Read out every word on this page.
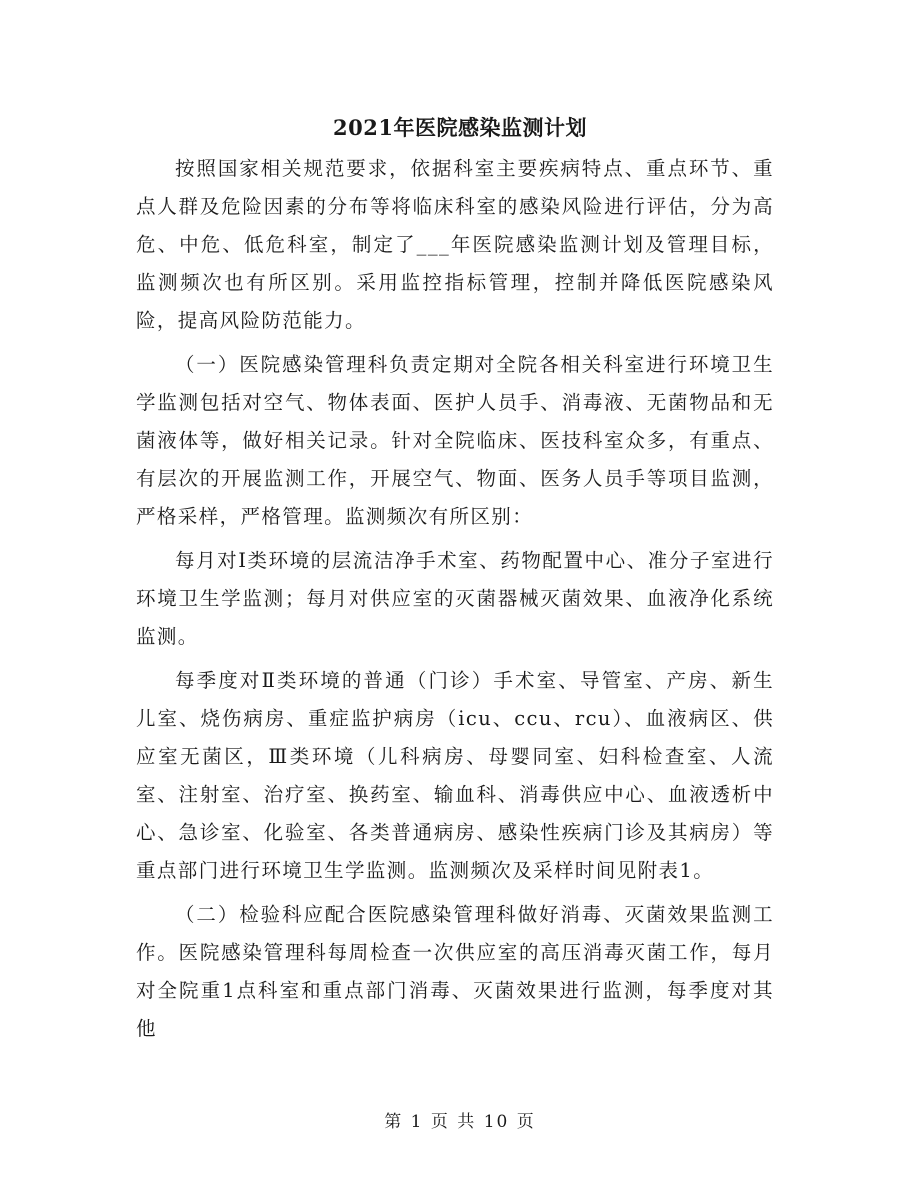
2021年医院感染监测计划

按照国家相关规范要求，依据科室主要疾病特点、重点环节、重点人群及危险因素的分布等将临床科室的感染风险进行评估，分为高危、中危、低危科室，制定了___年医院感染监测计划及管理目标，监测频次也有所区别。采用监控指标管理，控制并降低医院感染风险，提高风险防范能力。

（一）医院感染管理科负责定期对全院各相关科室进行环境卫生学监测包括对空气、物体表面、医护人员手、消毒液、无菌物品和无菌液体等，做好相关记录。针对全院临床、医技科室众多，有重点、有层次的开展监测工作，开展空气、物面、医务人员手等项目监测，严格采样，严格管理。监测频次有所区别：

每月对Ⅰ类环境的层流洁净手术室、药物配置中心、准分子室进行环境卫生学监测；每月对供应室的灭菌器械灭菌效果、血液净化系统监测。

每季度对Ⅱ类环境的普通（门诊）手术室、导管室、产房、新生儿室、烧伤病房、重症监护病房（icu、ccu、rcu）、血液病区、供应室无菌区，Ⅲ类环境（儿科病房、母婴同室、妇科检查室、人流室、注射室、治疗室、换药室、输血科、消毒供应中心、血液透析中心、急诊室、化验室、各类普通病房、感染性疾病门诊及其病房）等重点部门进行环境卫生学监测。监测频次及采样时间见附表1。

（二）检验科应配合医院感染管理科做好消毒、灭菌效果监测工作。医院感染管理科每周检查一次供应室的高压消毒灭菌工作，每月对全院重1点科室和重点部门消毒、灭菌效果进行监测，每季度对其他

第 1 页 共 10 页
